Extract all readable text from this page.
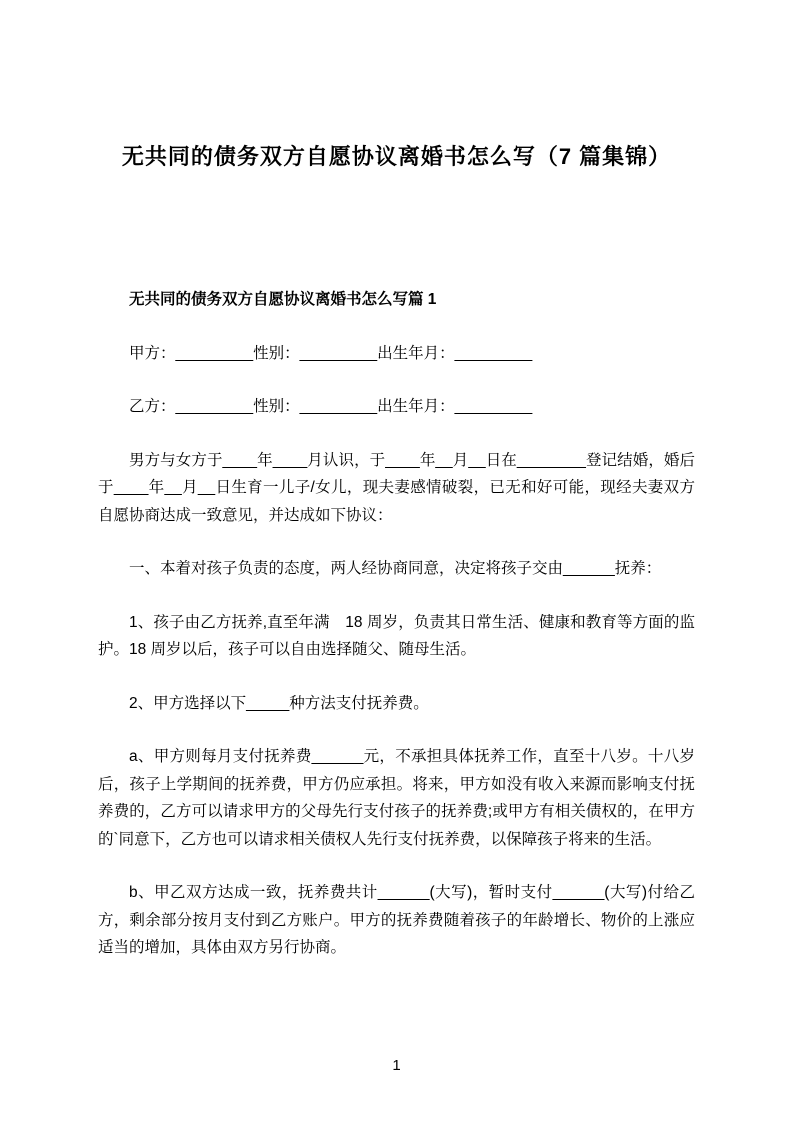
无共同的债务双方自愿协议离婚书怎么写（7 篇集锦）
无共同的债务双方自愿协议离婚书怎么写篇 1

甲方：_________性别：_________出生年月：_________

乙方：_________性别：_________出生年月：_________

男方与女方于____年____月认识，于____年__月__日在________登记结婚，婚后于____年__月__日生育一儿子/女儿，现夫妻感情破裂，已无和好可能，现经夫妻双方自愿协商达成一致意见，并达成如下协议：

一、本着对孩子负责的态度，两人经协商同意，决定将孩子交由______抚养：

1、孩子由乙方抚养,直至年满　18 周岁，负责其日常生活、健康和教育等方面的监护。18 周岁以后，孩子可以自由选择随父、随母生活。

2、甲方选择以下_____种方法支付抚养费。

a、甲方则每月支付抚养费______元，不承担具体抚养工作，直至十八岁。十八岁后，孩子上学期间的抚养费，甲方仍应承担。将来，甲方如没有收入来源而影响支付抚养费的，乙方可以请求甲方的父母先行支付孩子的抚养费;或甲方有相关债权的，在甲方的`同意下，乙方也可以请求相关债权人先行支付抚养费，以保障孩子将来的生活。

b、甲乙双方达成一致，抚养费共计______(大写)，暂时支付______(大写)付给乙方，剩余部分按月支付到乙方账户。甲方的抚养费随着孩子的年龄增长、物价的上涨应适当的增加，具体由双方另行协商。

1
